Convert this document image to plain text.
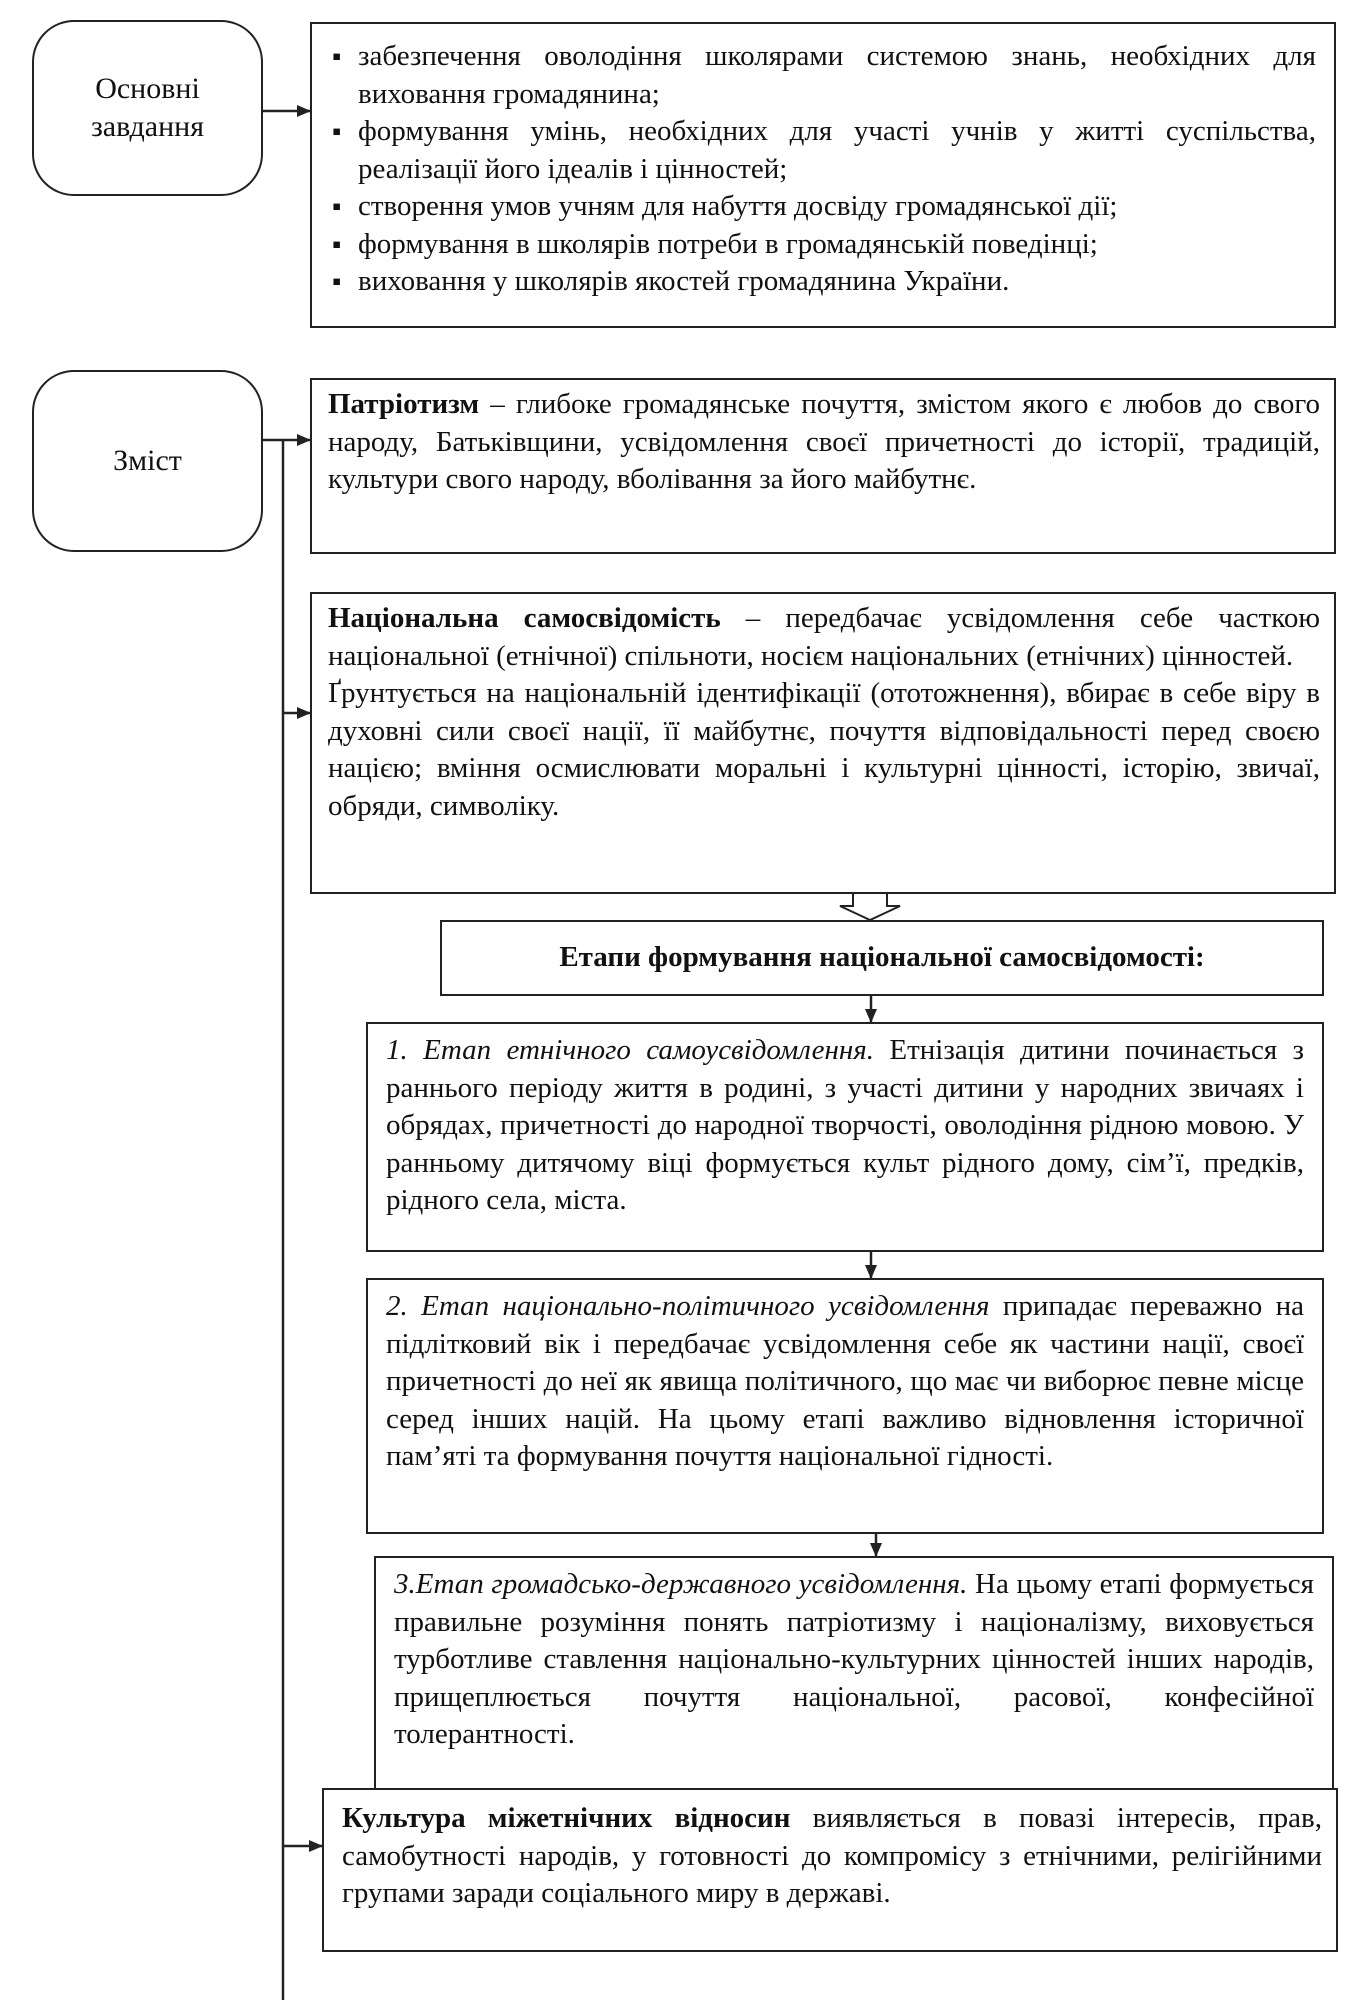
Основні завдання
▪ забезпечення оволодіння школярами системою знань, необхідних для виховання громадянина;
▪ формування умінь, необхідних для участі учнів у житті суспільства, реалізації його ідеалів і цінностей;
▪ створення умов учням для набуття досвіду громадянської дії;
▪ формування в школярів потреби в громадянській поведінці;
▪ виховання у школярів якостей громадянина України.
Зміст

Патріотизм – глибоке громадянське почуття, змістом якого є любов до свого народу, Батьківщини, усвідомлення своєї причетності до історії, традицій, культури свого народу, вболівання за його майбутнє.

Національна самосвідомість – передбачає усвідомлення себе часткою національної (етнічної) спільноти, носієм національних (етнічних) цінностей.

Ґрунтується на національній ідентифікації (ототожнення), вбирає в себе віру в духовні сили своєї нації, її майбутнє, почуття відповідальності перед своєю нацією; вміння осмислювати моральні і культурні цінності, історію, звичаї, обряди, символіку.

Етапи формування національної самосвідомості:

1. Етап етнічного самоусвідомлення. Етнізація дитини починається з раннього періоду життя в родині, з участі дитини у народних звичаях і обрядах, причетності до народної творчості, оволодіння рідною мовою. У ранньому дитячому віці формується культ рідного дому, сім’ї, предків, рідного села, міста.

2. Етап національно-політичного усвідомлення припадає переважно на підлітковий вік і передбачає усвідомлення себе як частини нації, своєї причетності до неї як явища політичного, що має чи виборює певне місце серед інших націй. На цьому етапі важливо відновлення історичної пам’яті та формування почуття національної гідності.

3.Етап громадсько-державного усвідомлення. На цьому етапі формується правильне розуміння понять патріотизму і націоналізму, виховується турботливе ставлення національно-культурних цінностей інших народів, прищеплюється почуття національної, расової, конфесійної толерантності.

Культура міжетнічних відносин виявляється в повазі інтересів, прав, самобутності народів, у готовності до компромісу з етнічними, релігійними групами заради соціального миру в державі.
